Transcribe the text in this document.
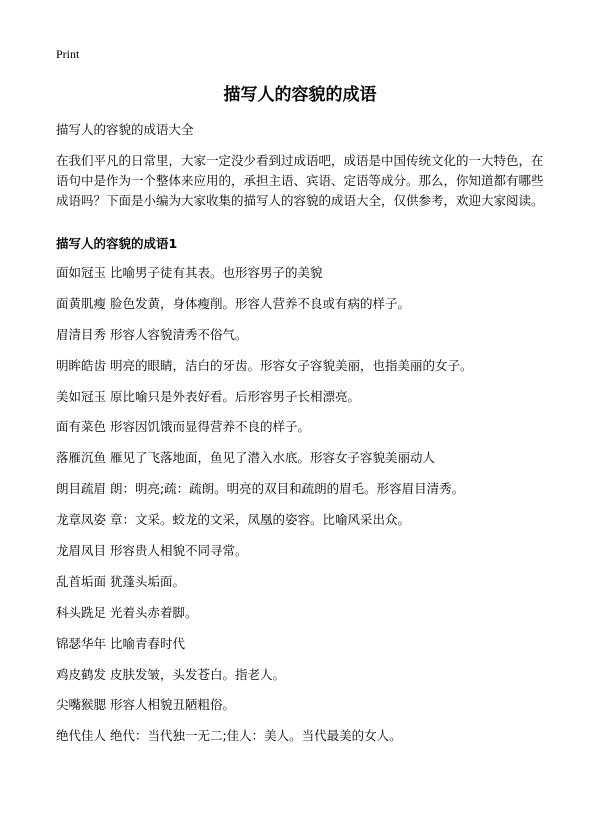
Print
描写人的容貌的成语

描写人的容貌的成语大全

在我们平凡的日常里，大家一定没少看到过成语吧，成语是中国传统文化的一大特色，在语句中是作为一个整体来应用的，承担主语、宾语、定语等成分。那么，你知道都有哪些成语吗？下面是小编为大家收集的描写人的容貌的成语大全，仅供参考，欢迎大家阅读。

描写人的容貌的成语1

面如冠玉 比喻男子徒有其表。也形容男子的美貌
面黄肌瘦 脸色发黄，身体瘦削。形容人营养不良或有病的样子。
眉清目秀 形容人容貌清秀不俗气。
明眸皓齿 明亮的眼睛，洁白的牙齿。形容女子容貌美丽，也指美丽的女子。
美如冠玉 原比喻只是外表好看。后形容男子长相漂亮。
面有菜色 形容因饥饿而显得营养不良的样子。
落雁沉鱼 雁见了飞落地面，鱼见了潜入水底。形容女子容貌美丽动人
朗目疏眉 朗：明亮;疏：疏朗。明亮的双目和疏朗的眉毛。形容眉目清秀。
龙章凤姿 章：文采。蛟龙的文采，凤凰的姿容。比喻风采出众。
龙眉凤目 形容贵人相貌不同寻常。
乱首垢面 犹蓬头垢面。
科头跣足 光着头赤着脚。
锦瑟华年 比喻青春时代
鸡皮鹤发 皮肤发皱，头发苍白。指老人。
尖嘴猴腮 形容人相貌丑陋粗俗。
绝代佳人 绝代：当代独一无二;佳人：美人。当代最美的女人。
